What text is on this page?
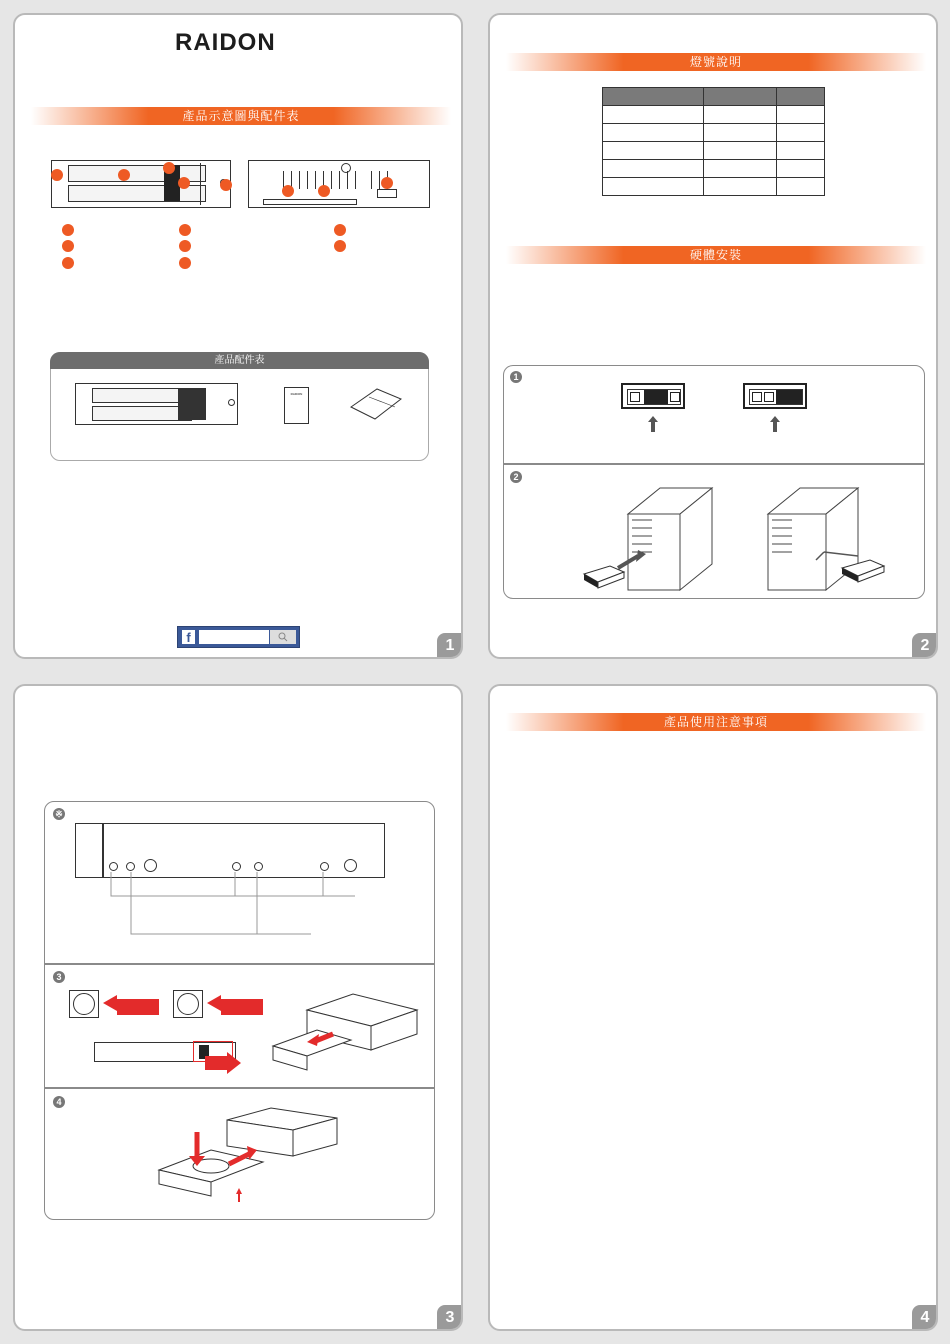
RAIDON
產品示意圖與配件表
產品配件表
RAIDON
f	1
燈號說明

硬體安裝
1
2
2
※
3
4
3
產品使用注意事項
4
